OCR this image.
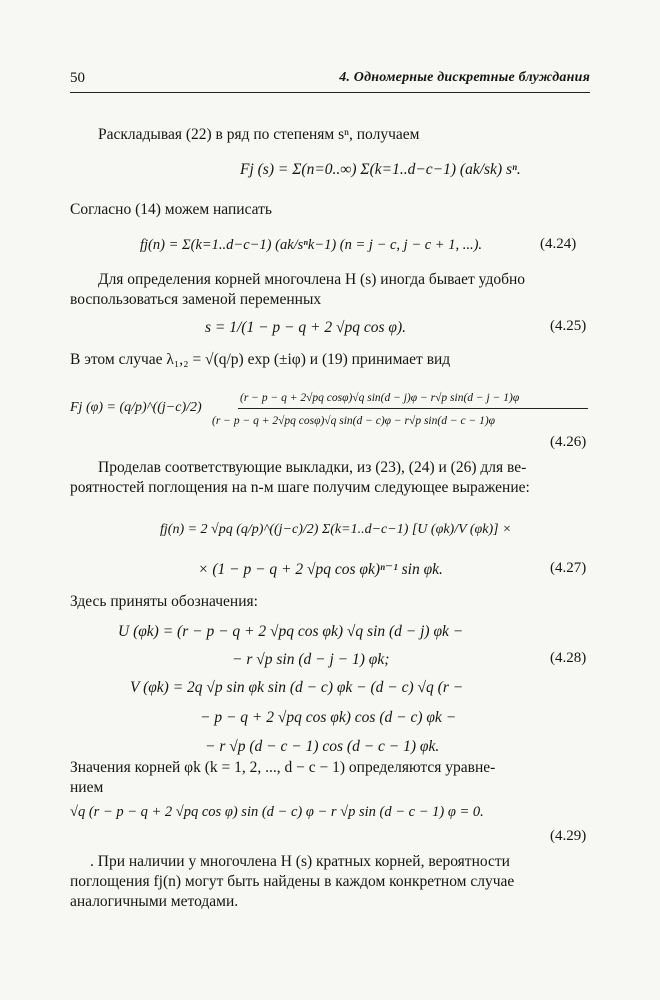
50	4. Одномерные дискретные блуждания
Раскладывая (22) в ряд по степеням sⁿ, получаем
Fj (s) = Σ(n=0..∞) Σ(k=1..d−c−1) (ak/sk) sⁿ.
Согласно (14) можем написать
fj(n) = Σ(k=1..d−c−1) (ak/sⁿk−1) (n = j − c, j − c + 1, ...).	(4.24)
Для определения корней многочлена H (s) иногда бывает удобно
воспользоваться заменой переменных
s = 1/(1 − p − q + 2 √pq cos φ).	(4.25)
В этом случае λ₁,₂ = √(q/p) exp (±iφ) и (19) принимает вид
Fj (φ) = (q/p)^((j−c)/2)
(r − p − q + 2√pq cosφ)√q sin(d − j)φ − r√p sin(d − j − 1)φ
(r − p − q + 2√pq cosφ)√q sin(d − c)φ − r√p sin(d − c − 1)φ
(4.26)
Проделав соответствующие выкладки, из (23), (24) и (26) для ве-
роятностей поглощения на n-м шаге получим следующее выражение:
fj(n) = 2 √pq (q/p)^((j−c)/2) Σ(k=1..d−c−1) [U (φk)/V (φk)] ×
× (1 − p − q + 2 √pq cos φk)ⁿ⁻¹ sin φk.	(4.27)
Здесь приняты обозначения:
U (φk) = (r − p − q + 2 √pq cos φk) √q sin (d − j) φk −
− r √p sin (d − j − 1) φk;	(4.28)
V (φk) = 2q √p sin φk sin (d − c) φk − (d − c) √q (r −
− p − q + 2 √pq cos φk) cos (d − c) φk −
− r √p (d − c − 1) cos (d − c − 1) φk.
Значения корней φk (k = 1, 2, ..., d − c − 1) определяются уравне-
нием
√q (r − p − q + 2 √pq cos φ) sin (d − c) φ − r √p sin (d − c − 1) φ = 0.
(4.29)
. При наличии у многочлена H (s) кратных корней, вероятности
поглощения fj(n) могут быть найдены в каждом конкретном случае
аналогичными методами.
